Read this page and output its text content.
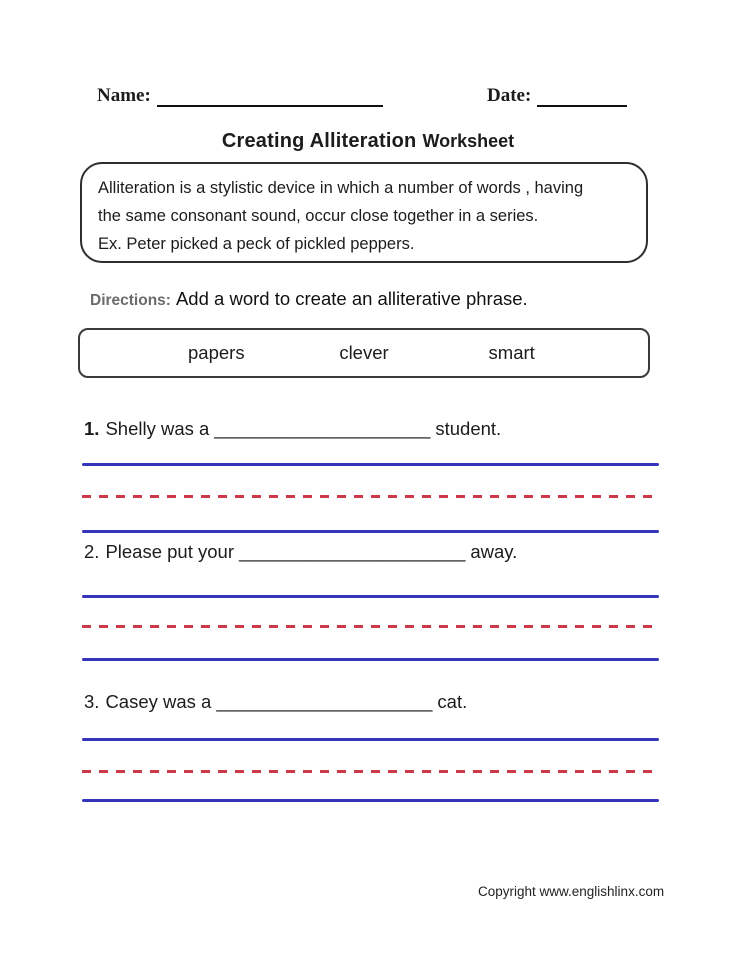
Name:	Date:
Creating Alliteration Worksheet
Alliteration is a stylistic device in which a number of words , having
the same consonant sound, occur close together in a series.
Ex. Peter picked a peck of pickled peppers.
Directions: Add a word to create an alliterative phrase.
papers	clever	smart
1. Shelly was a _____________________ student.
2. Please put your ______________________ away.
3. Casey was a _____________________ cat.
Copyright www.englishlinx.com
